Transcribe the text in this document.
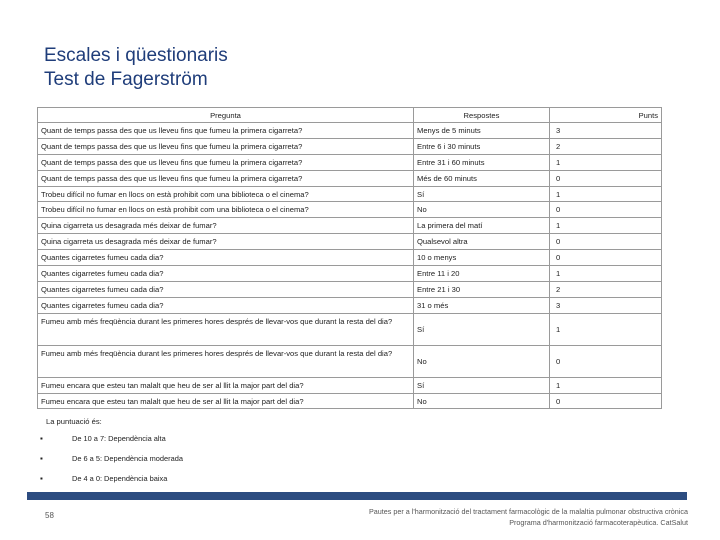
Escales i qüestionaris
Test de Fagerström
Pregunta	Respostes	Punts
Quant de temps passa des que us lleveu fins que fumeu la primera cigarreta?	Menys de 5 minuts	3
Quant de temps passa des que us lleveu fins que fumeu la primera cigarreta?	Entre 6 i 30 minuts	2
Quant de temps passa des que us lleveu fins que fumeu la primera cigarreta?	Entre 31 i 60 minuts	1
Quant de temps passa des que us lleveu fins que fumeu la primera cigarreta?	Més de 60 minuts	0
Trobeu difícil no fumar en llocs on està prohibit com una biblioteca o el cinema?	Sí	1
Trobeu difícil no fumar en llocs on està prohibit com una biblioteca o el cinema?	No	0
Quina cigarreta us desagrada més deixar de fumar?	La primera del matí	1
Quina cigarreta us desagrada més deixar de fumar?	Qualsevol altra	0
Quantes cigarretes fumeu cada dia?	10 o menys	0
Quantes cigarretes fumeu cada dia?	Entre 11 i 20	1
Quantes cigarretes fumeu cada dia?	Entre 21 i 30	2
Quantes cigarretes fumeu cada dia?	31 o més	3
Fumeu amb més freqüència durant les primeres hores després de llevar-vos que durant la resta del dia?	Sí	1
Fumeu amb més freqüència durant les primeres hores després de llevar-vos que durant la resta del dia?	No	0
Fumeu encara que esteu tan malalt que heu de ser al llit la major part del dia?	Sí	1
Fumeu encara que esteu tan malalt que heu de ser al llit la major part del dia?	No	0
La puntuació és:
▪	De 10 a 7: Dependència alta
▪	De 6 a 5: Dependència moderada
▪	De 4 a 0: Dependència baixa
58	Pautes per a l'harmonització del tractament farmacològic de la malaltia pulmonar obstructiva crònica
Programa d'harmonització farmacoterapèutica. CatSalut
